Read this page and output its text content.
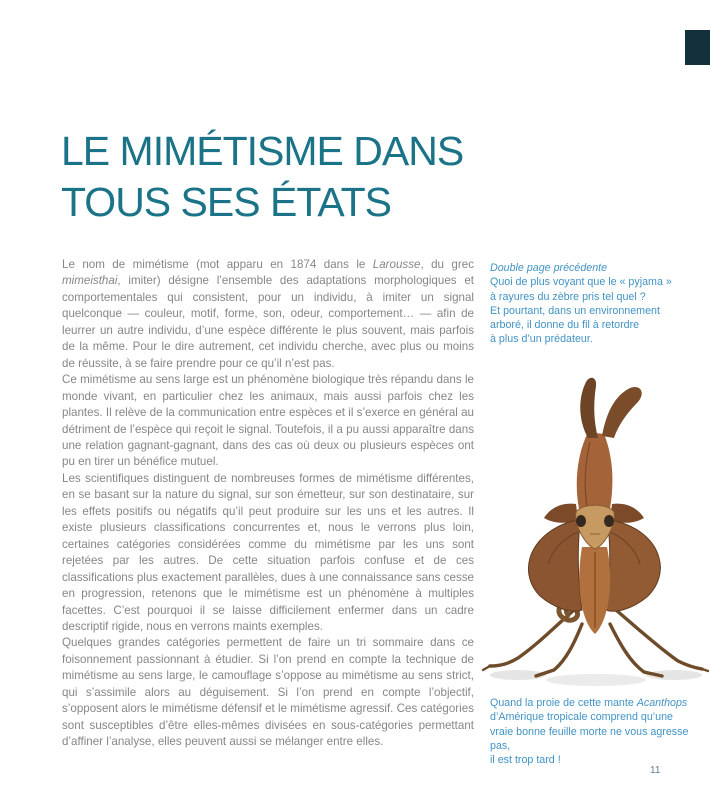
LE MIMÉTISME DANS
TOUS SES ÉTATS

Le nom de mimétisme (mot apparu en 1874 dans le Larousse, du grec mimeisthai, imiter) désigne l’ensemble des adaptations morphologiques et comportementales qui consistent, pour un individu, à imiter un signal quelconque — couleur, motif, forme, son, odeur, comportement… — afin de leurrer un autre individu, d’une espèce différente le plus souvent, mais parfois de la même. Pour le dire autrement, cet individu cherche, avec plus ou moins de réussite, à se faire prendre pour ce qu’il n’est pas.

Ce mimétisme au sens large est un phénomène biologique très répandu dans le monde vivant, en particulier chez les animaux, mais aussi parfois chez les plantes. Il relève de la communication entre espèces et il s’exerce en général au détriment de l’espèce qui reçoit le signal. Toutefois, il a pu aussi apparaître dans une relation gagnant-gagnant, dans des cas où deux ou plusieurs espèces ont pu en tirer un bénéfice mutuel.

Les scientifiques distinguent de nombreuses formes de mimétisme différentes, en se basant sur la nature du signal, sur son émetteur, sur son destinataire, sur les effets positifs ou négatifs qu’il peut produire sur les uns et les autres. Il existe plusieurs classifications concurrentes et, nous le verrons plus loin, certaines catégories considérées comme du mimétisme par les uns sont rejetées par les autres. De cette situation parfois confuse et de ces classifications plus exactement parallèles, dues à une connaissance sans cesse en progression, retenons que le mimétisme est un phénomène à multiples facettes. C’est pourquoi il se laisse difficilement enfermer dans un cadre descriptif rigide, nous en verrons maints exemples.

Quelques grandes catégories permettent de faire un tri sommaire dans ce foisonnement passionnant à étudier. Si l’on prend en compte la technique de mimétisme au sens large, le camouflage s’oppose au mimétisme au sens strict, qui s’assimile alors au déguisement. Si l’on prend en compte l’objectif, s’opposent alors le mimétisme défensif et le mimétisme agressif. Ces catégories sont susceptibles d’être elles-mêmes divisées en sous-catégories permettant d’affiner l’analyse, elles peuvent aussi se mélanger entre elles.

Double page précédente
Quoi de plus voyant que le « pyjama »
à rayures du zèbre pris tel quel ?
Et pourtant, dans un environnement
arboré, il donne du fil à retordre
à plus d’un prédateur.
Quand la proie de cette mante Acanthops
d’Amérique tropicale comprend qu’une
vraie bonne feuille morte ne vous agresse pas,
il est trop tard !
11
